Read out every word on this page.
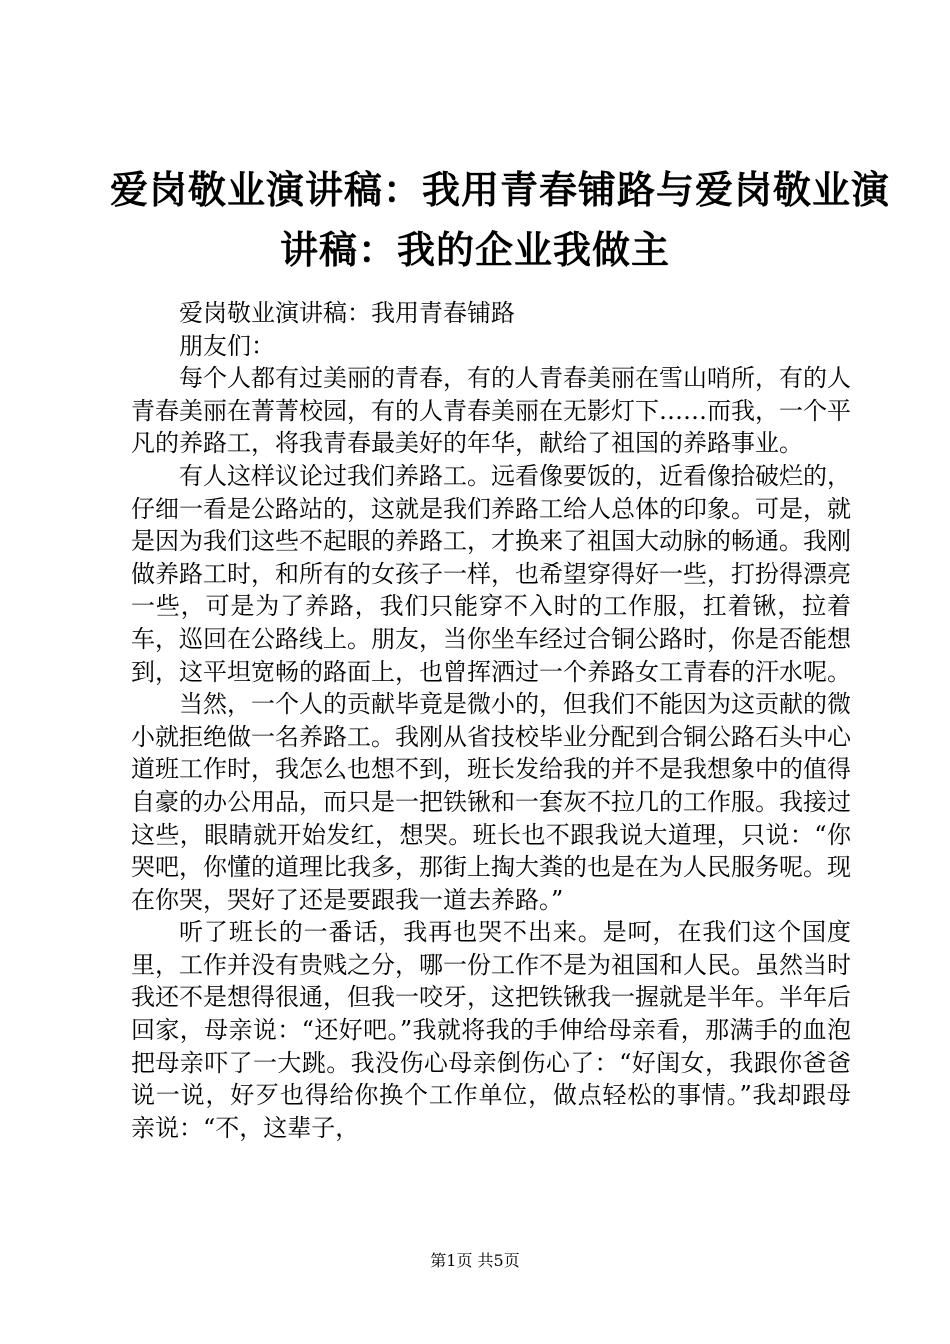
爱岗敬业演讲稿：我用青春铺路与爱岗敬业演
讲稿：我的企业我做主

爱岗敬业演讲稿：我用青春铺路

朋友们：

每个人都有过美丽的青春，有的人青春美丽在雪山哨所，有的人青春美丽在菁菁校园，有的人青春美丽在无影灯下……而我，一个平凡的养路工，将我青春最美好的年华，献给了祖国的养路事业。

有人这样议论过我们养路工。远看像要饭的，近看像拾破烂的，仔细一看是公路站的，这就是我们养路工给人总体的印象。可是，就是因为我们这些不起眼的养路工，才换来了祖国大动脉的畅通。我刚做养路工时，和所有的女孩子一样，也希望穿得好一些，打扮得漂亮一些，可是为了养路，我们只能穿不入时的工作服，扛着锹，拉着车，巡回在公路线上。朋友，当你坐车经过合铜公路时，你是否能想到，这平坦宽畅的路面上，也曾挥洒过一个养路女工青春的汗水呢。

当然，一个人的贡献毕竟是微小的，但我们不能因为这贡献的微小就拒绝做一名养路工。我刚从省技校毕业分配到合铜公路石头中心道班工作时，我怎么也想不到，班长发给我的并不是我想象中的值得自豪的办公用品，而只是一把铁锹和一套灰不拉几的工作服。我接过这些，眼睛就开始发红，想哭。班长也不跟我说大道理，只说：“你哭吧，你懂的道理比我多，那街上掏大粪的也是在为人民服务呢。现在你哭，哭好了还是要跟我一道去养路。”

听了班长的一番话，我再也哭不出来。是呵，在我们这个国度里，工作并没有贵贱之分，哪一份工作不是为祖国和人民。虽然当时我还不是想得很通，但我一咬牙，这把铁锹我一握就是半年。半年后回家，母亲说：“还好吧。”我就将我的手伸给母亲看，那满手的血泡把母亲吓了一大跳。我没伤心母亲倒伤心了：“好闺女，我跟你爸爸说一说，好歹也得给你换个工作单位，做点轻松的事情。”我却跟母亲说：“不，这辈子，

第1页 共5页
